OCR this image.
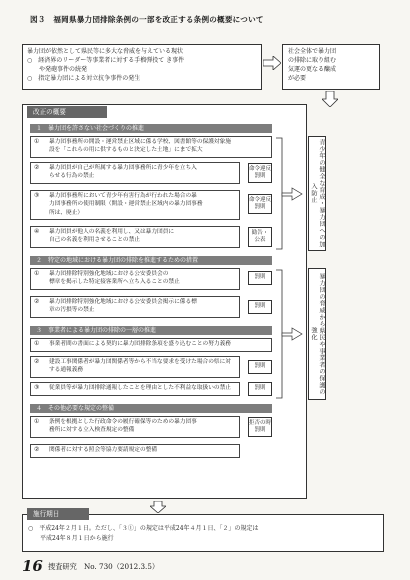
図３　福岡県暴力団排除条例の一部を改正する条例の概要について
暴力団が依然として県民等に多大な脅威を与えている現状
○　経済界のリーダー等事業者に対する手榴弾投て き事件
　　や発砲事件の続発
○　指定暴力団による対立抗争事件の発生
社会全体で暴力団
の排除に取り組む
気運の更なる醸成
が必要
改正の概要
１　暴力団を許さない社会づくりの推進
① 暴力団事務所の開設・運営禁止区域に係る学校、図書館等の保護対象施
設を「これらの用に供するものと決定した土地」にまで拡大
② 暴力団員が自己が所属する暴力団事務所に青少年を立ち入
らせる行為の禁止
命令違反
罰則
③ 暴力団事務所において青少年有害行為が行われた場合の暴
力団事務所の使用制限（開設・運営禁止区域内の暴力団事務
所は、廃止）
命令違反
罰則
④ 暴力団員が他人の名義を利用し、又は暴力団員に
自己の名義を利用させることの禁止
勧告・
公表
２　特定の地域における暴力団の排除を推進するための措置
① 暴力団排除特別強化地域における公安委員会の
標章を掲示した特定接客業所へ立ち入ることの禁止
罰則
② 暴力団排除特別強化地域における公安委員会掲示に係る標
章の汚損等の禁止
罰則
３　事業者による暴力団の排除の一層の推進
① 事業者間の書面による契約に暴力団排除条項を盛り込むことの努力義務
② 建設工事関係者が暴力団関係者等から不当な要求を受けた場合の県に対
する通報義務
罰則
③ 従業員等が暴力団排除通報したことを理由とした不利益な取扱いの禁止	罰則
４　その他必要な規定の整備
① 条例を根拠とした行政命令の履行確保等のための暴力団事
務所に対する立入検査規定の整備
拒否の時
罰則
② 関係者に対する照会等協力要請規定の整備
青少年の健全な育成・暴力団への加入防止
暴力団の脅威から県民や事業者の保護の強化
施行期日
○　平成24年２月１日。ただし、「３①」の規定は平成24年４月１日、「２」の規定は
　　平成24年８月１日から施行
16 捜査研究　No. 730（2012.3.5）
